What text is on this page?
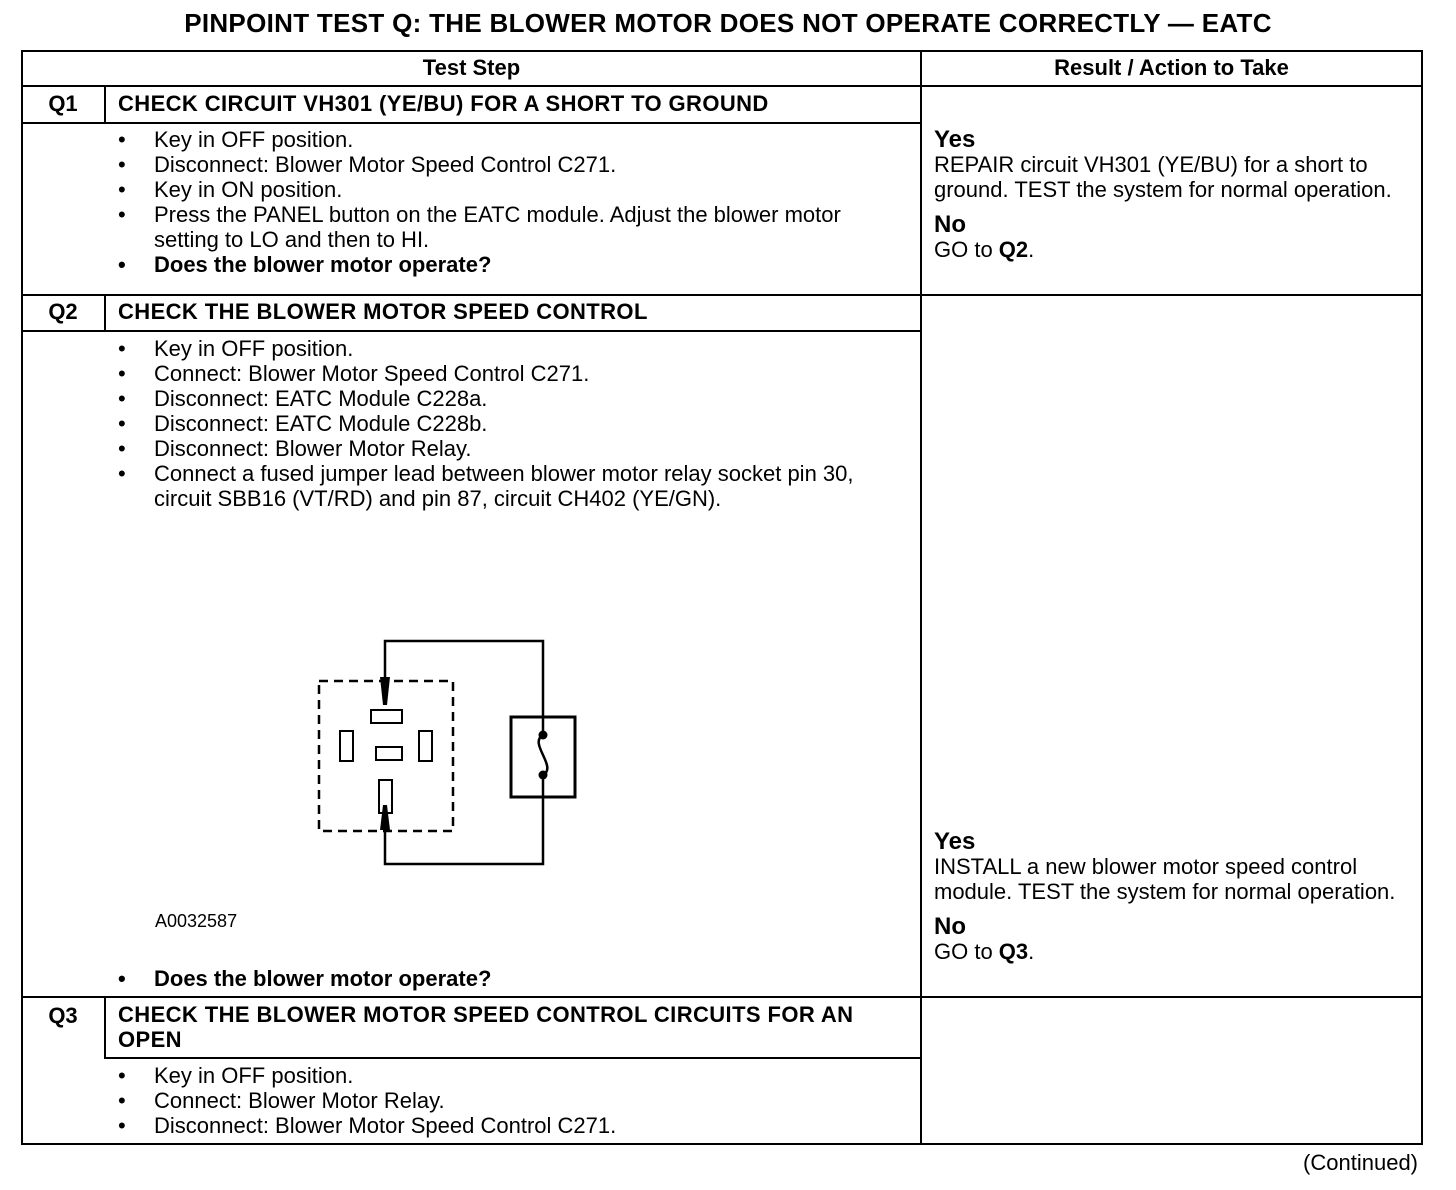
PINPOINT TEST Q: THE BLOWER MOTOR DOES NOT OPERATE CORRECTLY — EATC
Test Step	Result / Action to Take
Q1	CHECK CIRCUIT VH301 (YE/BU) FOR A SHORT TO GROUND
• Key in OFF position.
• Disconnect: Blower Motor Speed Control C271.
• Key in ON position.
• Press the PANEL button on the EATC module. Adjust the blower motor setting to LO and then to HI.
• Does the blower motor operate?
Yes
REPAIR circuit VH301 (YE/BU) for a short to ground. TEST the system for normal operation.
No
GO to Q2.
Q2	CHECK THE BLOWER MOTOR SPEED CONTROL
• Key in OFF position.
• Connect: Blower Motor Speed Control C271.
• Disconnect: EATC Module C228a.
• Disconnect: EATC Module C228b.
• Disconnect: Blower Motor Relay.
• Connect a fused jumper lead between blower motor relay socket pin 30, circuit SBB16 (VT/RD) and pin 87, circuit CH402 (YE/GN).
A0032587
• Does the blower motor operate?
Yes
INSTALL a new blower motor speed control module. TEST the system for normal operation.
No
GO to Q3.
Q3	CHECK THE BLOWER MOTOR SPEED CONTROL CIRCUITS FOR AN OPEN
• Key in OFF position.
• Connect: Blower Motor Relay.
• Disconnect: Blower Motor Speed Control C271.
(Continued)
